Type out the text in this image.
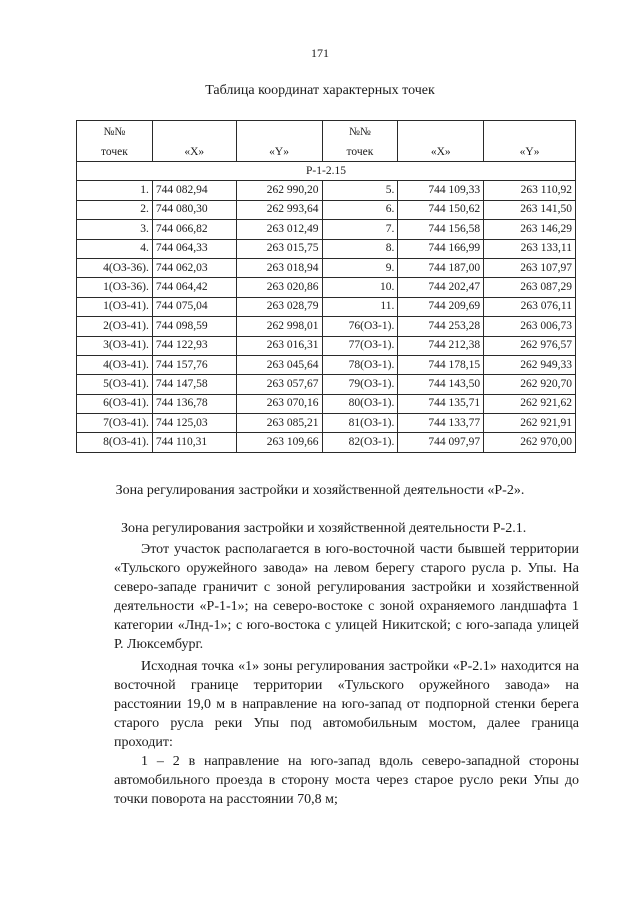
171
Таблица координат характерных точек
№№			№№		
точек	«Х»	«Y»	точек	«Х»	«Y»
Р-1-2.15					
1.	744 082,94	262 990,20	5.	744 109,33	263 110,92
2.	744 080,30	262 993,64	6.	744 150,62	263 141,50
3.	744 066,82	263 012,49	7.	744 156,58	263 146,29
4.	744 064,33	263 015,75	8.	744 166,99	263 133,11
4(ОЗ-36).	744 062,03	263 018,94	9.	744 187,00	263 107,97
1(ОЗ-36).	744 064,42	263 020,86	10.	744 202,47	263 087,29
1(ОЗ-41).	744 075,04	263 028,79	11.	744 209,69	263 076,11
2(ОЗ-41).	744 098,59	262 998,01	76(ОЗ-1).	744 253,28	263 006,73
3(ОЗ-41).	744 122,93	263 016,31	77(ОЗ-1).	744 212,38	262 976,57
4(ОЗ-41).	744 157,76	263 045,64	78(ОЗ-1).	744 178,15	262 949,33
5(ОЗ-41).	744 147,58	263 057,67	79(ОЗ-1).	744 143,50	262 920,70
6(ОЗ-41).	744 136,78	263 070,16	80(ОЗ-1).	744 135,71	262 921,62
7(ОЗ-41).	744 125,03	263 085,21	81(ОЗ-1).	744 133,77	262 921,91
8(ОЗ-41).	744 110,31	263 109,66	82(ОЗ-1).	744 097,97	262 970,00
Зона регулирования застройки и хозяйственной деятельности «Р-2».
Зона регулирования застройки и хозяйственной деятельности Р-2.1.

Этот участок располагается в юго-восточной части бывшей территории «Тульского оружейного завода» на левом берегу старого русла р. Упы. На северо-западе граничит с зоной регулирования застройки и хозяйственной деятельности «Р-1-1»; на северо-востоке с зоной охраняемого ландшафта 1 категории «Лнд-1»; с юго-востока с улицей Никитской; с юго-запада улицей Р. Люксембург.

Исходная точка «1» зоны регулирования застройки «Р-2.1» находится на восточной границе территории «Тульского оружейного завода» на расстоянии 19,0 м в направление на юго-запад от подпорной стенки берега старого русла реки Упы под автомобильным мостом, далее граница проходит:

1 – 2 в направление на юго-запад вдоль северо-западной стороны автомобильного проезда в сторону моста через старое русло реки Упы до точки поворота на расстоянии 70,8 м;
